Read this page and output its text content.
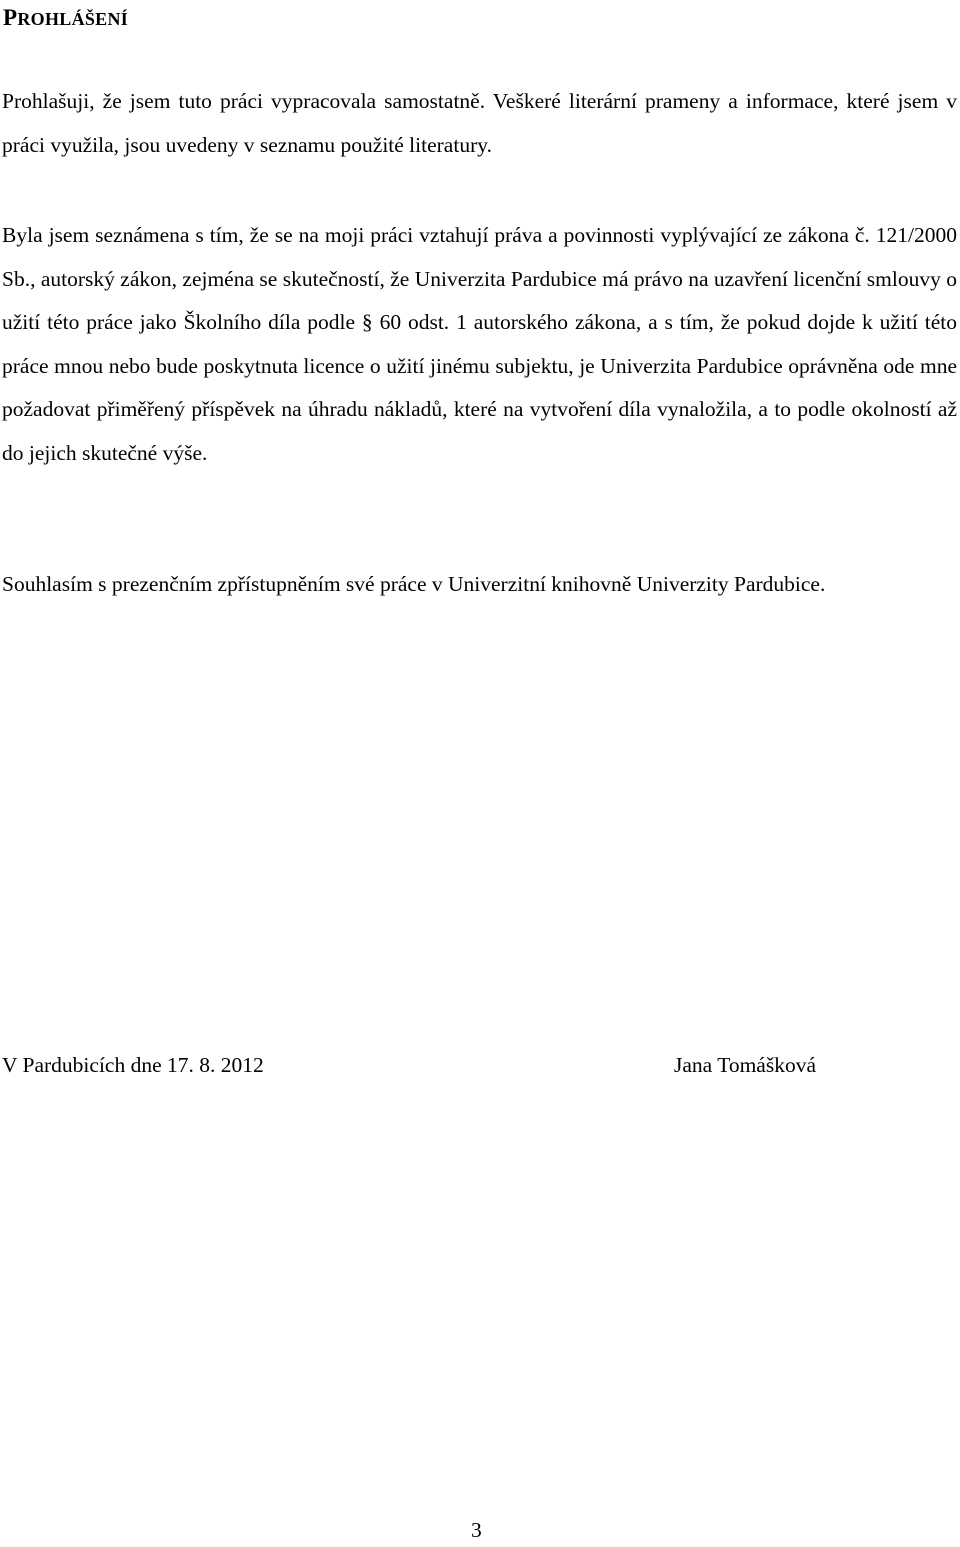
PROHLÁŠENÍ

Prohlašuji, že jsem tuto práci vypracovala samostatně. Veškeré literární prameny a informace, které jsem v práci využila, jsou uvedeny v seznamu použité literatury.

Byla jsem seznámena s tím, že se na moji práci vztahují práva a povinnosti vyplývající ze zákona č. 121/2000 Sb., autorský zákon, zejména se skutečností, že Univerzita Pardubice má právo na uzavření licenční smlouvy o užití této práce jako Školního díla podle § 60 odst. 1 autorského zákona, a s tím, že pokud dojde k užití této práce mnou nebo bude poskytnuta licence o užití jinému subjektu, je Univerzita Pardubice oprávněna ode mne požadovat přiměřený příspěvek na úhradu nákladů, které na vytvoření díla vynaložila, a to podle okolností až do jejich skutečné výše.

Souhlasím s prezenčním zpřístupněním své práce v Univerzitní knihovně Univerzity Pardubice.

V Pardubicích dne 17. 8. 2012	Jana Tomášková

3
